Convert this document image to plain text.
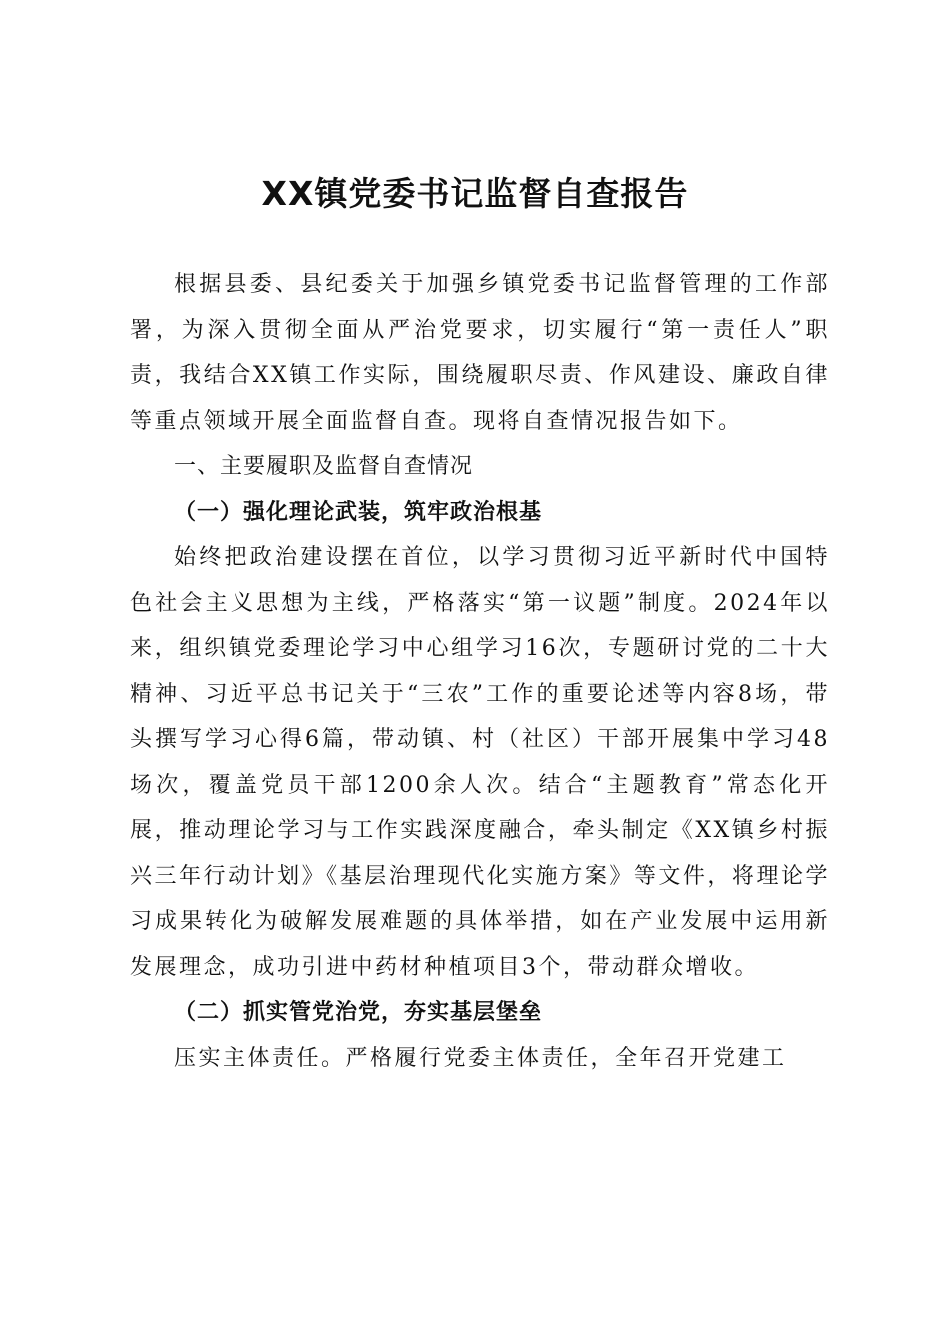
XX镇党委书记监督自查报告

根据县委、县纪委关于加强乡镇党委书记监督管理的工作部署，为深入贯彻全面从严治党要求，切实履行“第一责任人”职责，我结合XX镇工作实际，围绕履职尽责、作风建设、廉政自律等重点领域开展全面监督自查。现将自查情况报告如下。

一、主要履职及监督自查情况

（一）强化理论武装，筑牢政治根基

始终把政治建设摆在首位，以学习贯彻习近平新时代中国特色社会主义思想为主线，严格落实“第一议题”制度。2024年以来，组织镇党委理论学习中心组学习16次，专题研讨党的二十大精神、习近平总书记关于“三农”工作的重要论述等内容8场，带头撰写学习心得6篇，带动镇、村（社区）干部开展集中学习48场次，覆盖党员干部1200余人次。结合“主题教育”常态化开展，推动理论学习与工作实践深度融合，牵头制定《XX镇乡村振兴三年行动计划》《基层治理现代化实施方案》等文件，将理论学习成果转化为破解发展难题的具体举措，如在产业发展中运用新发展理念，成功引进中药材种植项目3个，带动群众增收。

（二）抓实管党治党，夯实基层堡垒

压实主体责任。严格履行党委主体责任，全年召开党建工
